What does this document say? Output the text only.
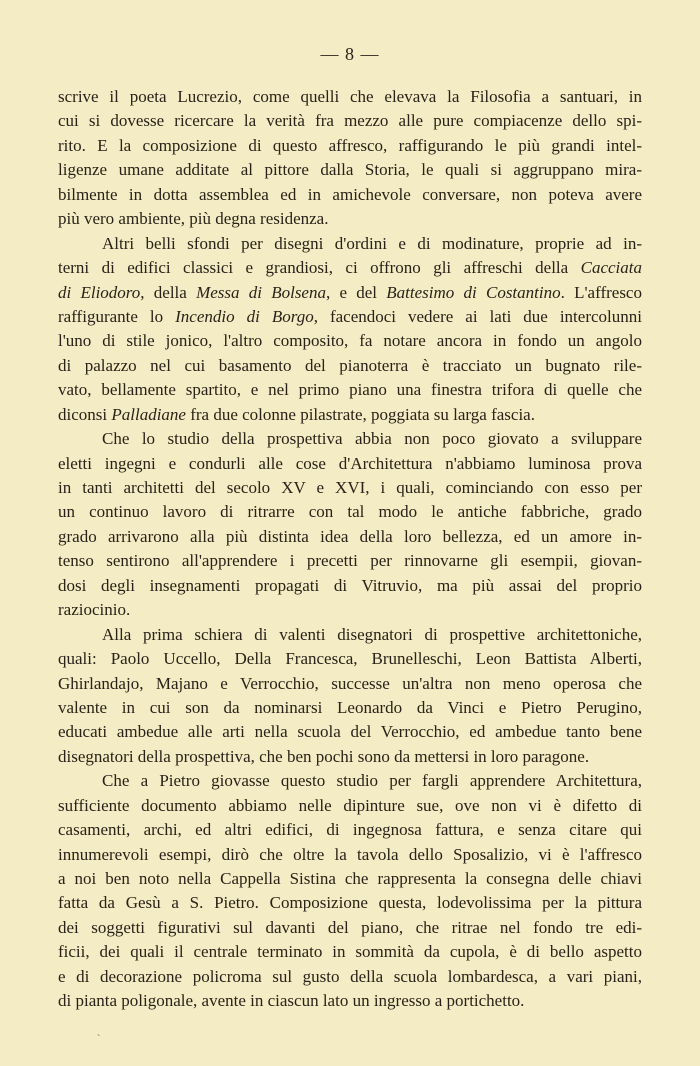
— 8 —
scrive il poeta Lucrezio, come quelli che elevava la Filosofia a santuari, in
cui si dovesse ricercare la verità fra mezzo alle pure compiacenze dello spi-
rito. E la composizione di questo affresco, raffigurando le più grandi intel-
ligenze umane additate al pittore dalla Storia, le quali si aggruppano mira-
bilmente in dotta assemblea ed in amichevole conversare, non poteva avere
più vero ambiente, più degna residenza.
Altri belli sfondi per disegni d'ordini e di modinature, proprie ad in-
terni di edifici classici e grandiosi, ci offrono gli affreschi della Cacciata
di Eliodoro, della Messa di Bolsena, e del Battesimo di Costantino. L'affresco
raffigurante lo Incendio di Borgo, facendoci vedere ai lati due intercolunni
l'uno di stile jonico, l'altro composito, fa notare ancora in fondo un angolo
di palazzo nel cui basamento del pianoterra è tracciato un bugnato rile-
vato, bellamente spartito, e nel primo piano una finestra trifora di quelle che
diconsi Palladiane fra due colonne pilastrate, poggiata su larga fascia.
Che lo studio della prospettiva abbia non poco giovato a sviluppare
eletti ingegni e condurli alle cose d'Architettura n'abbiamo luminosa prova
in tanti architetti del secolo XV e XVI, i quali, cominciando con esso per
un continuo lavoro di ritrarre con tal modo le antiche fabbriche, grado
grado arrivarono alla più distinta idea della loro bellezza, ed un amore in-
tenso sentirono all'apprendere i precetti per rinnovarne gli esempii, giovan-
dosi degli insegnamenti propagati di Vitruvio, ma più assai del proprio
raziocinio.
Alla prima schiera di valenti disegnatori di prospettive architettoniche,
quali: Paolo Uccello, Della Francesca, Brunelleschi, Leon Battista Alberti,
Ghirlandajo, Majano e Verrocchio, successe un'altra non meno operosa che
valente in cui son da nominarsi Leonardo da Vinci e Pietro Perugino,
educati ambedue alle arti nella scuola del Verrocchio, ed ambedue tanto bene
disegnatori della prospettiva, che ben pochi sono da mettersi in loro paragone.
Che a Pietro giovasse questo studio per fargli apprendere Architettura,
sufficiente documento abbiamo nelle dipinture sue, ove non vi è difetto di
casamenti, archi, ed altri edifici, di ingegnosa fattura, e senza citare qui
innumerevoli esempi, dirò che oltre la tavola dello Sposalizio, vi è l'affresco
a noi ben noto nella Cappella Sistina che rappresenta la consegna delle chiavi
fatta da Gesù a S. Pietro. Composizione questa, lodevolissima per la pittura
dei soggetti figurativi sul davanti del piano, che ritrae nel fondo tre edi-
ficii, dei quali il centrale terminato in sommità da cupola, è di bello aspetto
e di decorazione policroma sul gusto della scuola lombardesca, a vari piani,
di pianta poligonale, avente in ciascun lato un ingresso a portichetto.
`
